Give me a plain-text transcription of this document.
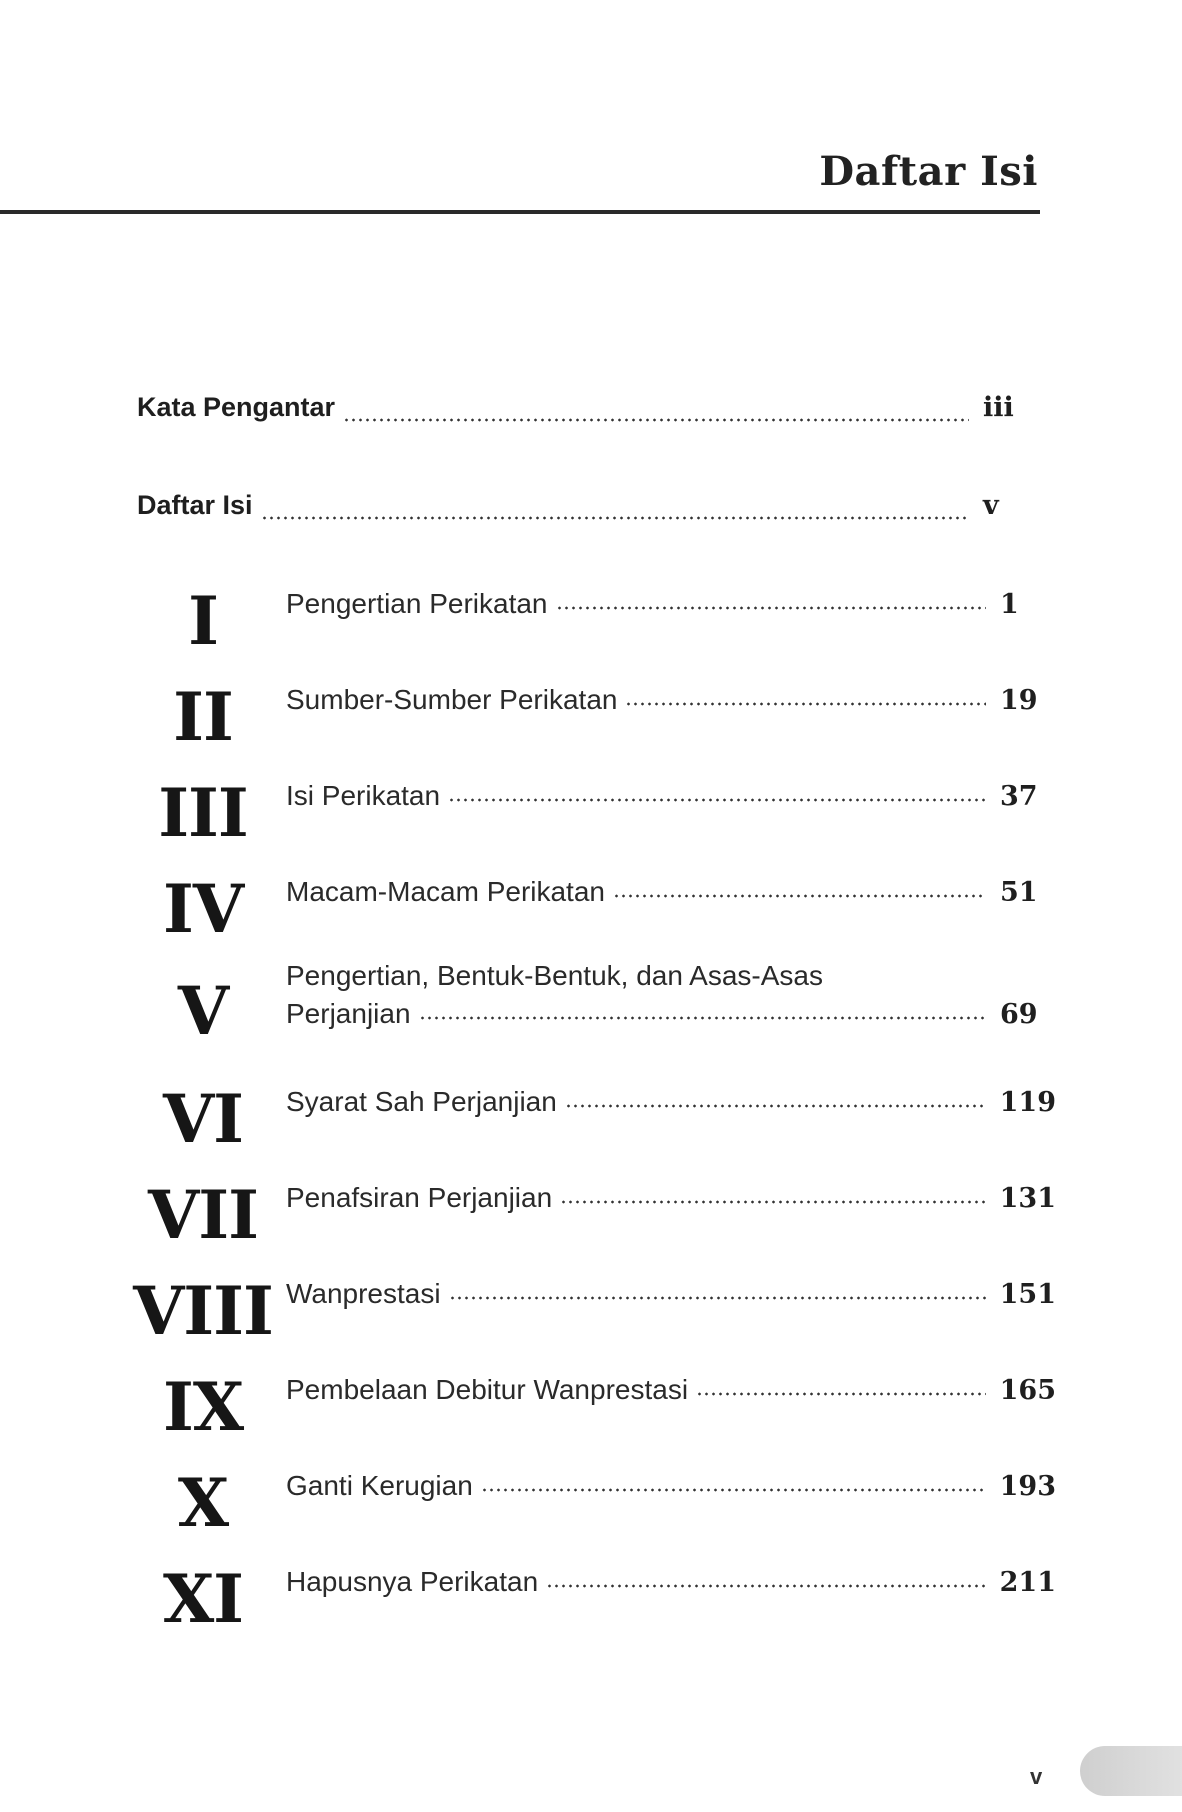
Daftar Isi
Kata Pengantar	iii
Daftar Isi	v
I	Pengertian Perikatan	1
II	Sumber-Sumber Perikatan	19
III	Isi Perikatan	37
IV	Macam-Macam Perikatan	51
V	Pengertian, Bentuk-Bentuk, dan Asas-Asas
Perjanjian	69
VI	Syarat Sah Perjanjian	119
VII	Penafsiran Perjanjian	131
VIII Wanprestasi	151
IX	Pembelaan Debitur Wanprestasi	165
X	Ganti Kerugian	193
XI	Hapusnya Perikatan	211
v
